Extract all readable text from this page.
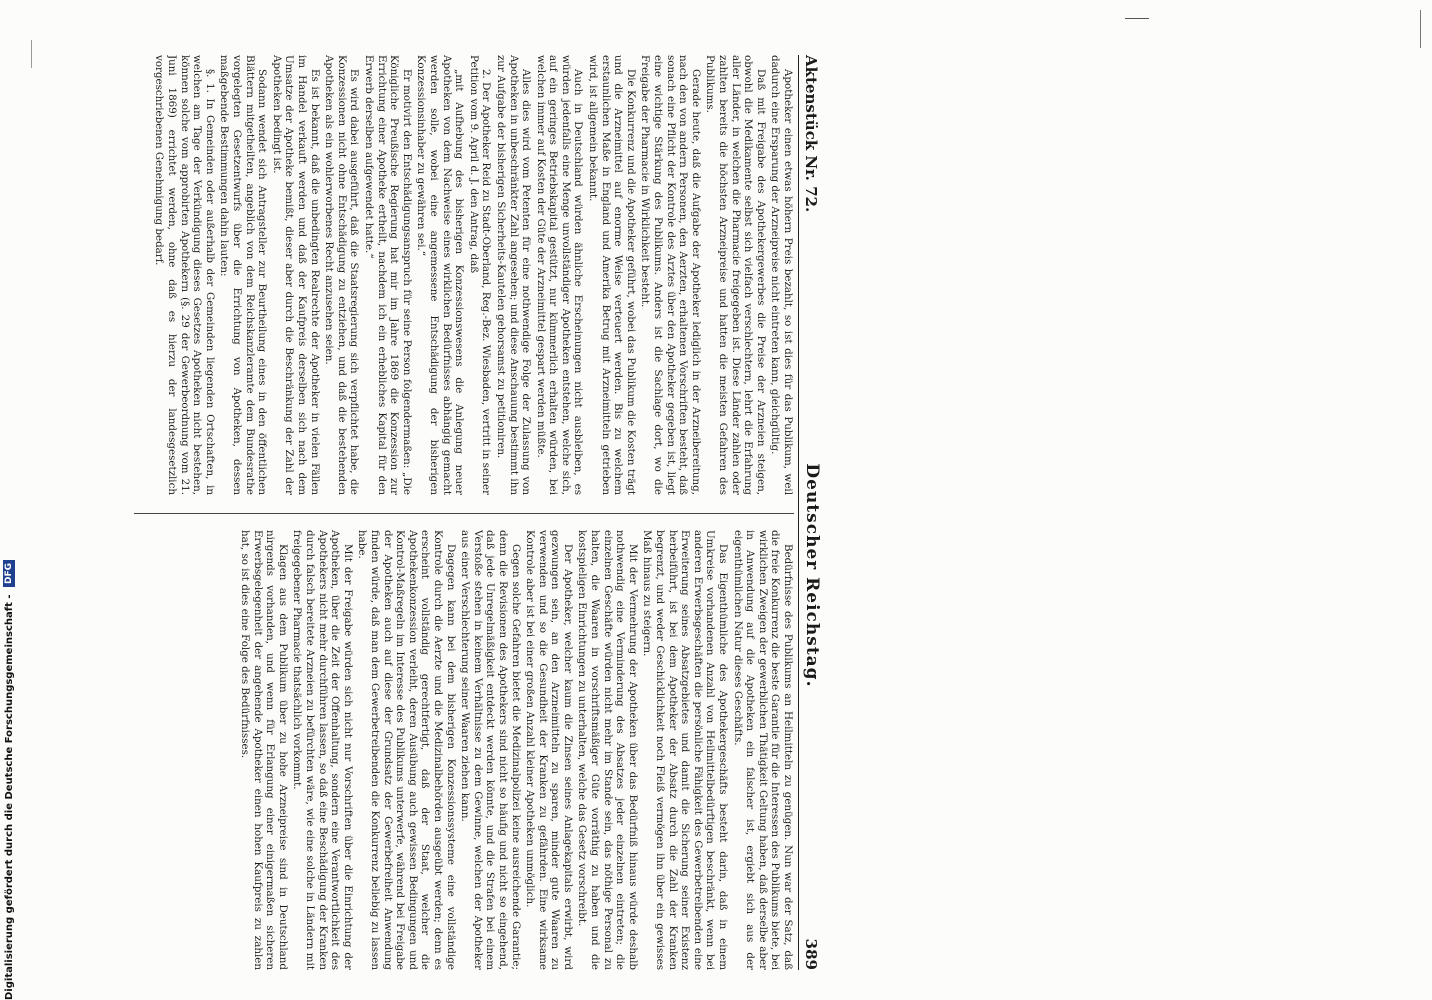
Aktenstück Nr. 72.
Deutscher Reichstag.
389

Apotheker einen etwas höhern Preis bezahlt, so ist dies für das Publikum, weil dadurch eine Ersparung der Arzneipreise nicht eintreten kann, gleichgültig.

Daß mit Freigabe des Apothekergewerbes die Preise der Arzneien steigen, obwohl die Medikamente selbst sich vielfach verschlechtern, lehrt die Erfahrung aller Länder, in welchen die Pharmacie freigegeben ist. Diese Länder zahlen oder zahlten bereits die höchsten Arzneipreise und hatten die meisten Gefahren des Publikums.

Gerade heute, daß die Aufgabe der Apotheker lediglich in der Arzneibereitung, nach den von andern Personen, den Aerzten, erhaltenen Vorschriften besteht, daß sonach eine Pflicht der Kontrole des Arztes über den Apotheker gegeben ist, liegt eine wichtige Stärkung des Publikums. Anders ist die Sachlage dort, wo die Freigabe der Pharmacie in Wirklichkeit besteht.

Die Konkurrenz und die Apotheker geführt, wobei das Publikum die Kosten trägt und die Arzneimittel auf enorme Weise verteuert werden. Bis zu welchem erstaunlichen Maße in England und Amerika Betrug mit Arzneimitteln getrieben wird, ist allgemein bekannt.

Auch in Deutschland würden ähnliche Erscheinungen nicht ausbleiben, es würden jedenfalls eine Menge unvollständiger Apotheken entstehen, welche sich, auf ein geringes Betriebskapital gestützt, nur kümmerlich erhalten würden, bei welchen immer auf Kosten der Güte der Arzneimittel gespart werden müßte.

Alles dies wird vom Petenten für eine nothwendige Folge der Zulassung von Apotheken in unbeschränkter Zahl angesehen; und diese Anschauung bestimmt ihn zur Aufgabe der bisherigen Sicherheits-Kautelen gehorsamst zu petitioniren.

2. Der Apotheker Reid zu Stadt-Oberland, Reg.-Bez. Wiesbaden, vertritt in seiner Petition vom 9. April d. J. den Antrag, daß

„mit Aufhebung des bisherigen Konzessionswesens die Anlegung neuer Apotheken von dem Nachweise eines wirklichen Bedürfnisses abhängig gemacht werden solle, wobei eine angemessene Entschädigung der bisherigen Konzessionsinhaber zu gewähren sei.“

Er motivirt den Entschädigungsanspruch für seine Person folgendermaßen: „Die Königliche Preußische Regierung hat mir im Jahre 1869 die Konzession zur Errichtung einer Apotheke ertheilt, nachdem ich ein erhebliches Kapital für den Erwerb derselben aufgewendet hatte.“

Es wird dabei ausgeführt, daß die Staatsregierung sich verpflichtet habe, die Konzessionen nicht ohne Entschädigung zu entziehen, und daß die bestehenden Apotheken als ein wohlerworbenes Recht anzusehen seien.

Es ist bekannt, daß die unbedingten Realrechte der Apotheker in vielen Fällen im Handel verkauft werden und daß der Kaufpreis derselben sich nach dem Umsatze der Apotheke bemißt, dieser aber durch die Beschränkung der Zahl der Apotheken bedingt ist.

Sodann wendet sich Antragsteller zur Beurtheilung eines in den öffentlichen Blättern mitgetheilten, angeblich von dem Reichskanzleramte dem Bundesrathe vorgelegten Gesetzentwurfs über die Errichtung von Apotheken, dessen maßgebende Bestimmungen dahin lauten:

§. 1. In Gemeinden oder außerhalb der Gemeinden liegenden Ortschaften, in welchen am Tage der Verkündigung dieses Gesetzes Apotheken nicht bestehen, können solche vom approbirten Apothekern (§. 29 der Gewerbeordnung vom 21. Juni 1869) errichtet werden, ohne daß es hierzu der landesgesetzlich vorgeschriebenen Genehmigung bedarf.

Bedürfnisse des Publikums an Heilmitteln zu genügen. Nun war der Satz, daß die freie Konkurrenz die beste Garantie für die Interessen des Publikums biete, bei wirklichen Zweigen der gewerblichen Thätigkeit Geltung haben, daß derselbe aber in Anwendung auf die Apotheken ein falscher ist, ergiebt sich aus der eigenthümlichen Natur dieses Geschäfts.

Das Eigenthümliche des Apothekergeschäfts besteht darin, daß in einem Umkreise vorhandenen Anzahl von Heilmittelbedürftigen beschränkt, wenn bei anderen Erwerbsgeschäften die persönliche Fähigkeit des Gewerbetreibenden eine Erweiterung seines Absatzgebietes und damit die Sicherung seiner Existenz herbeiführt, ist bei dem Apotheker der Absatz durch die Zahl der Kranken begrenzt, und weder Geschicklichkeit noch Fleiß vermögen ihn über ein gewisses Maß hinaus zu steigern.

Mit der Vermehrung der Apotheken über das Bedürfniß hinaus würde deshalb nothwendig eine Verminderung des Absatzes jeder einzelnen eintreten; die einzelnen Geschäfte würden nicht mehr im Stande sein, das nöthige Personal zu halten, die Waaren in vorschriftsmäßiger Güte vorräthig zu haben und die kostspieligen Einrichtungen zu unterhalten, welche das Gesetz vorschreibt.

Der Apotheker, welcher kaum die Zinsen seines Anlagekapitals erwirbt, wird gezwungen sein, an den Arzneimitteln zu sparen, minder gute Waaren zu verwenden und so die Gesundheit der Kranken zu gefährden. Eine wirksame Kontrole aber ist bei einer großen Anzahl kleiner Apotheken unmöglich.

Gegen solche Gefahren bietet die Medizinalpolizei keine ausreichende Garantie; denn die Revisionen des Apothekers sind nicht so häufig und nicht so eingehend, daß jede Unregelmäßigkeit entdeckt werden könnte, und die Strafen bei einem Verstoße stehen in keinem Verhältnisse zu dem Gewinne, welchen der Apotheker aus einer Verschlechterung seiner Waaren ziehen kann.

Dagegen kann bei dem bisherigen Konzessionssysteme eine vollständige Kontrole durch die Aerzte und die Medizinalbehörden ausgeübt werden; denn es erscheint vollständig gerechtfertigt, daß der Staat, welcher die Apothekenkonzession verleiht, deren Ausübung auch gewissen Bedingungen und Kontrol-Maßregeln im Interesse des Publikums unterwerfe, während bei Freigabe der Apotheken auch auf diese der Grundsatz der Gewerbefreiheit Anwendung finden würde, daß man dem Gewerbetreibenden die Konkurrenz beliebig zu lassen habe.

Mit der Freigabe würden sich nicht nur Vorschriften über die Einrichtung der Apotheken, über die Zeit der Offenhaltung, sondern eine Verantwortlichkeit des Apothekers nicht mehr durchführen lassen, so daß eine Beschädigung der Kranken durch falsch bereitete Arzneien zu befürchten wäre, wie eine solche in Ländern mit freigegebener Pharmacie thatsächlich vorkommt.

Klagen aus dem Publikum über zu hohe Arzneipreise sind in Deutschland nirgends vorhanden, und wenn für Erlangung einer einigermaßen sicheren Erwerbsgelegenheit der angehende Apotheker einen hohen Kaufpreis zu zahlen hat, so ist dies eine Folge des Bedürfnisses.

Digitalisierung gefördert durch die Deutsche Forschungsgemeinschaft - DFG
